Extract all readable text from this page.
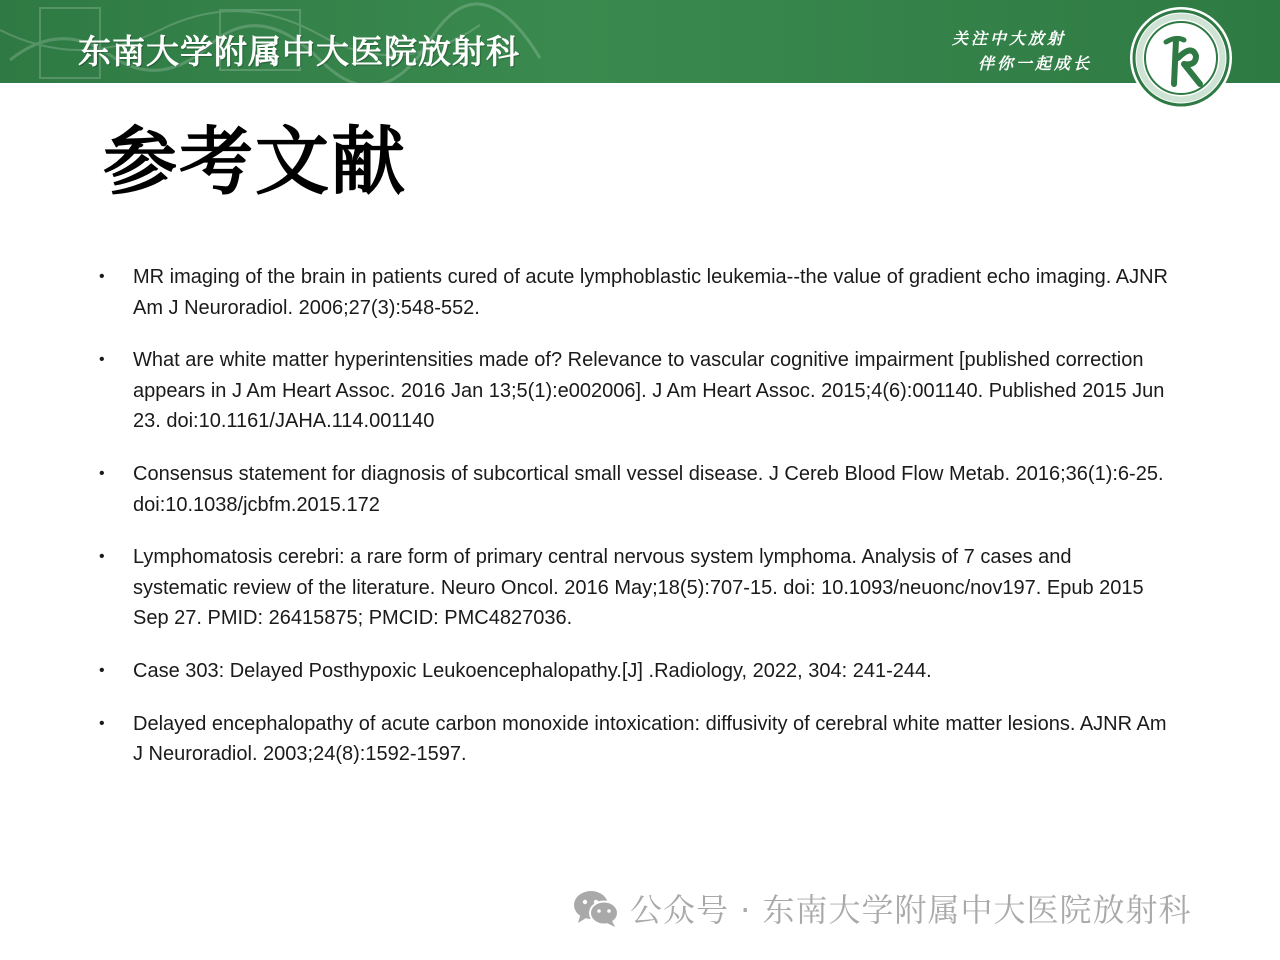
东南大学附属中大医院放射科	关注中大放射
伴你一起成长
参考文献
• MR imaging of the brain in patients cured of acute lymphoblastic leukemia--the value of gradient echo imaging. AJNR Am J Neuroradiol. 2006;27(3):548-552.
• What are white matter hyperintensities made of? Relevance to vascular cognitive impairment [published correction appears in J Am Heart Assoc. 2016 Jan 13;5(1):e002006]. J Am Heart Assoc. 2015;4(6):001140. Published 2015 Jun 23. doi:10.1161/JAHA.114.001140
• Consensus statement for diagnosis of subcortical small vessel disease. J Cereb Blood Flow Metab. 2016;36(1):6-25. doi:10.1038/jcbfm.2015.172
• Lymphomatosis cerebri: a rare form of primary central nervous system lymphoma. Analysis of 7 cases and systematic review of the literature. Neuro Oncol. 2016 May;18(5):707-15. doi: 10.1093/neuonc/nov197. Epub 2015 Sep 27. PMID: 26415875; PMCID: PMC4827036.
• Case 303: Delayed Posthypoxic Leukoencephalopathy.[J] .Radiology, 2022, 304: 241-244.
• Delayed encephalopathy of acute carbon monoxide intoxication: diffusivity of cerebral white matter lesions. AJNR Am J Neuroradiol. 2003;24(8):1592-1597.
公众号 · 东南大学附属中大医院放射科
